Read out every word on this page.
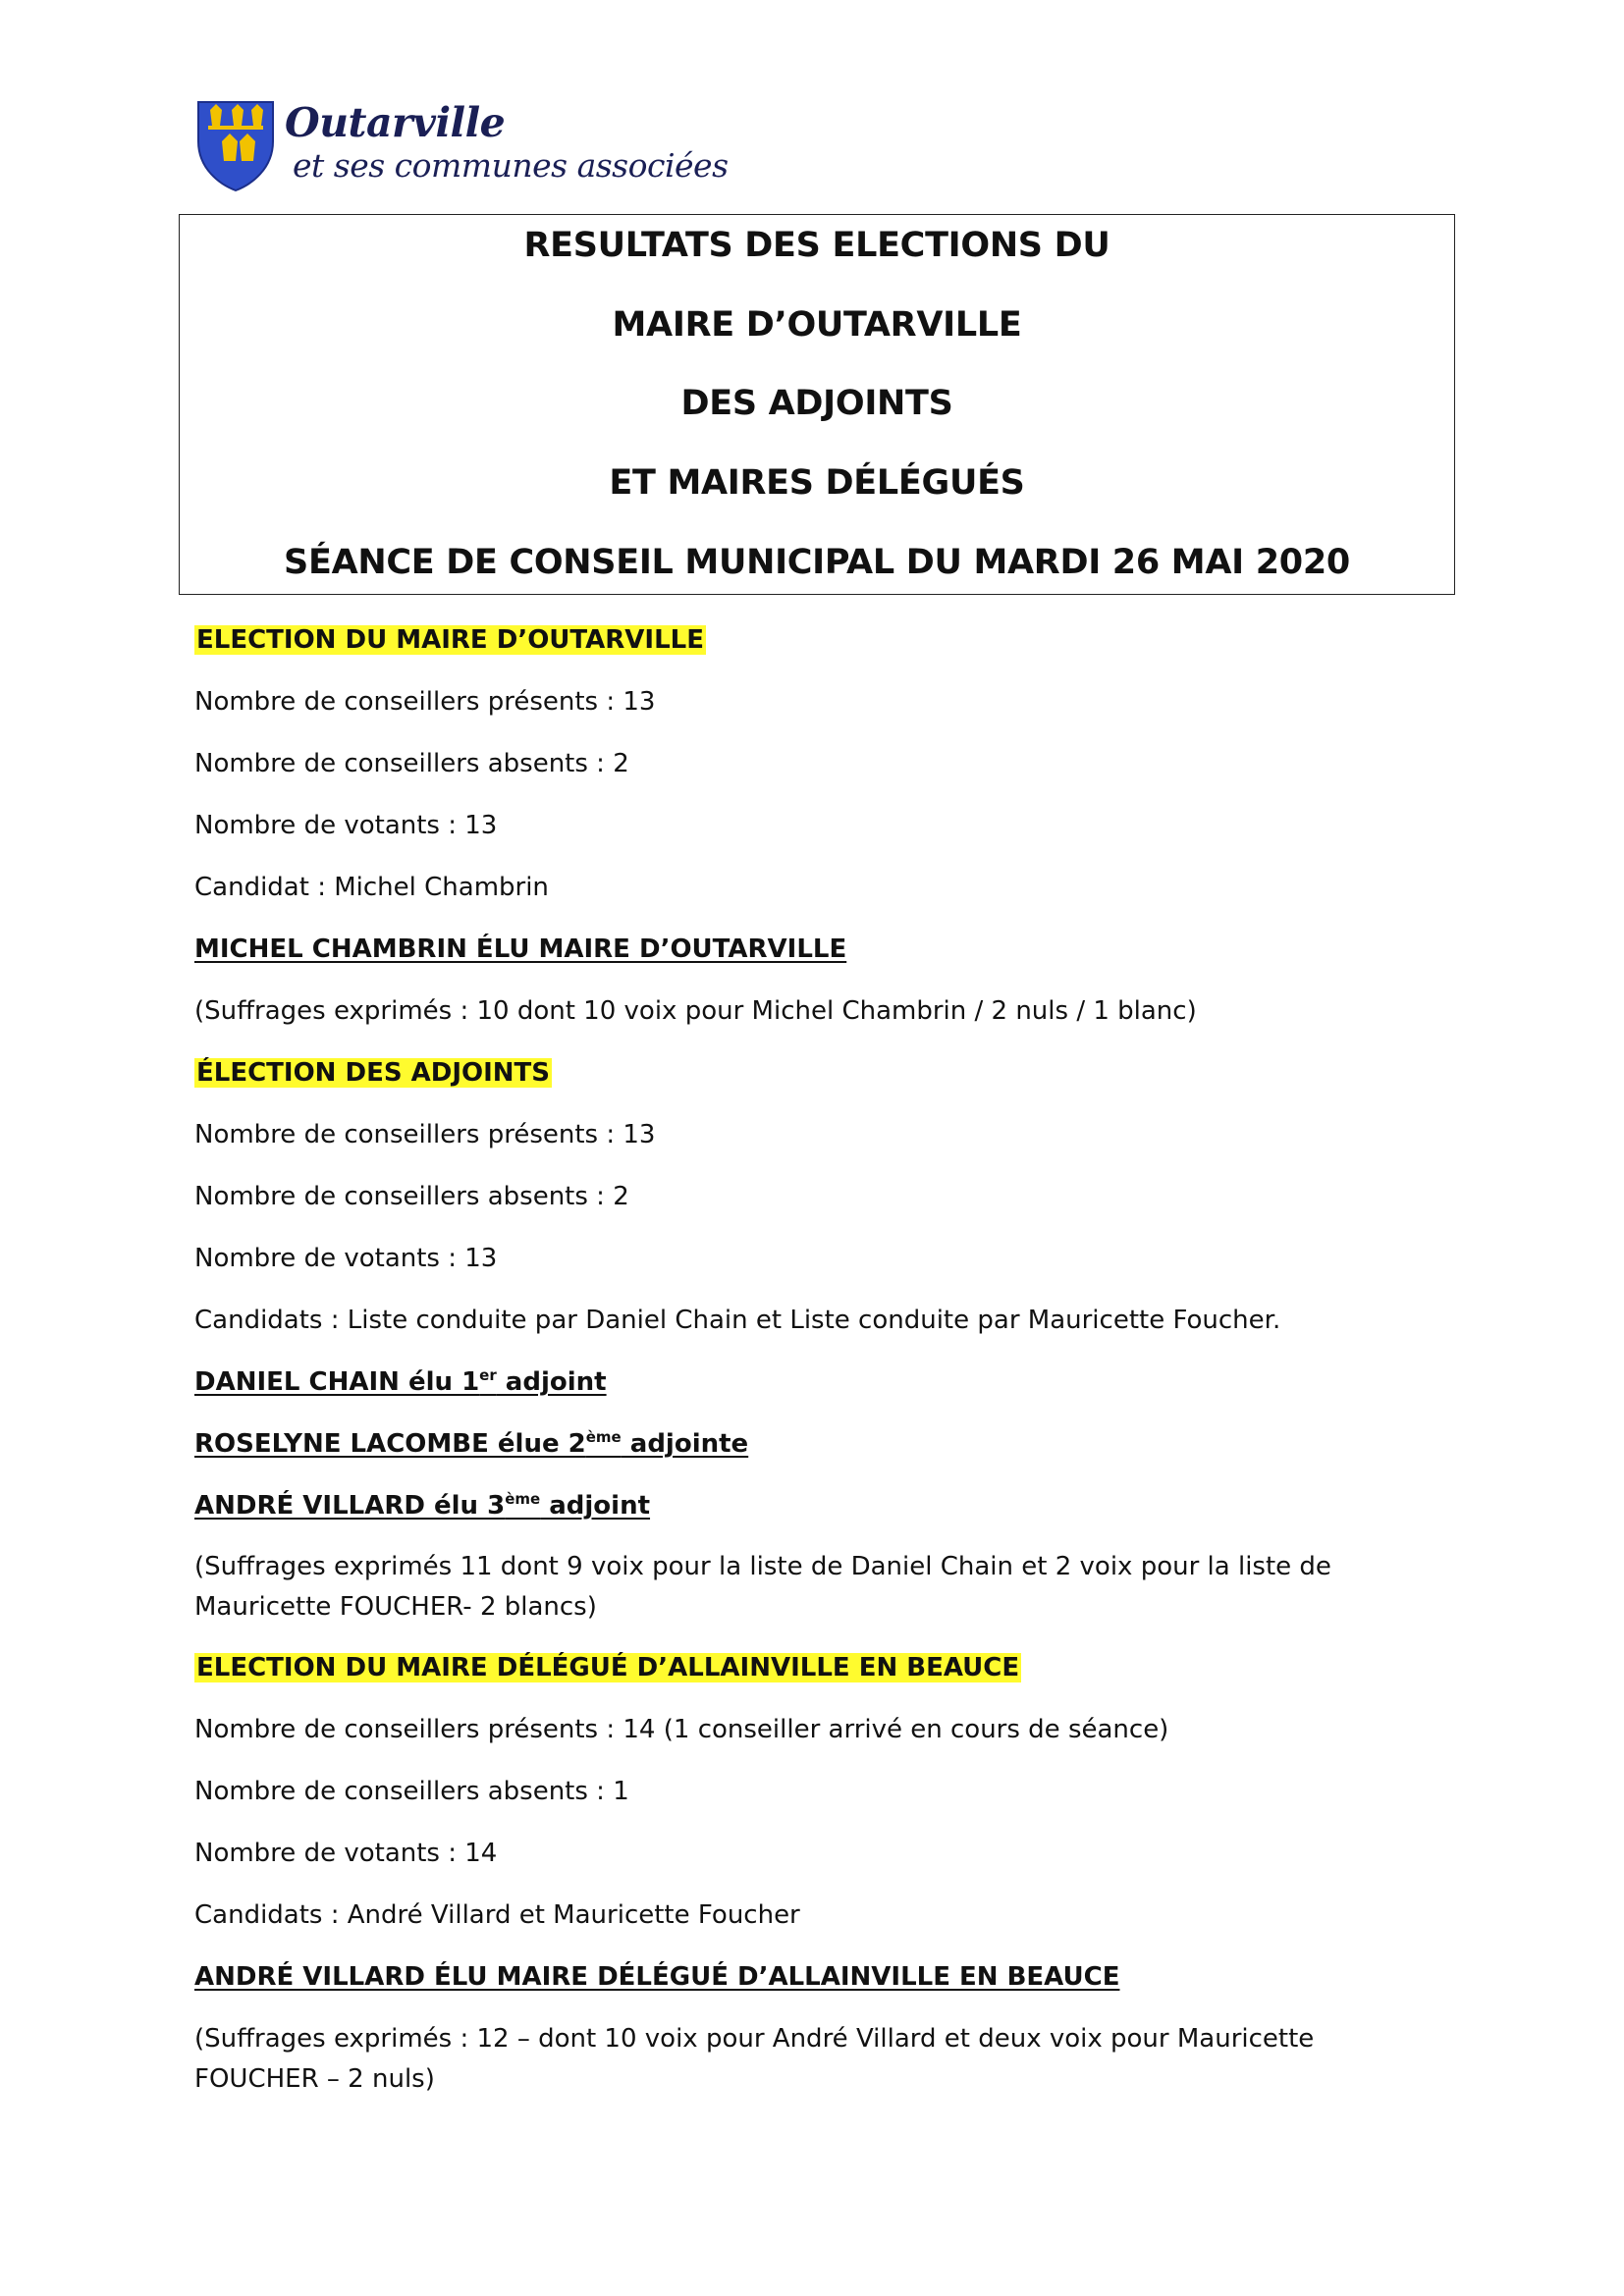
Outarville
et ses communes associées
RESULTATS DES ELECTIONS DU
MAIRE D’OUTARVILLE
DES ADJOINTS
ET MAIRES DÉLÉGUÉS
SÉANCE DE CONSEIL MUNICIPAL DU MARDI 26 MAI 2020
ELECTION DU MAIRE D’OUTARVILLE
Nombre de conseillers présents : 13
Nombre de conseillers absents : 2
Nombre de votants : 13
Candidat : Michel Chambrin
MICHEL CHAMBRIN ÉLU MAIRE D’OUTARVILLE
(Suffrages exprimés : 10 dont 10 voix pour Michel Chambrin / 2 nuls / 1 blanc)
ÉLECTION DES ADJOINTS
Nombre de conseillers présents : 13
Nombre de conseillers absents : 2
Nombre de votants : 13
Candidats : Liste conduite par Daniel Chain et Liste conduite par Mauricette Foucher.
DANIEL CHAIN élu 1er adjoint
ROSELYNE LACOMBE élue 2ème adjointe
ANDRÉ VILLARD élu 3ème adjoint
(Suffrages exprimés 11 dont 9 voix pour la liste de Daniel Chain et 2 voix pour la liste de Mauricette FOUCHER- 2 blancs)
ELECTION DU MAIRE DÉLÉGUÉ D’ALLAINVILLE EN BEAUCE
Nombre de conseillers présents : 14 (1 conseiller arrivé en cours de séance)
Nombre de conseillers absents : 1
Nombre de votants : 14
Candidats : André Villard et Mauricette Foucher
ANDRÉ VILLARD ÉLU MAIRE DÉLÉGUÉ D’ALLAINVILLE EN BEAUCE
(Suffrages exprimés : 12 – dont 10 voix pour André Villard et deux voix pour Mauricette FOUCHER – 2 nuls)
